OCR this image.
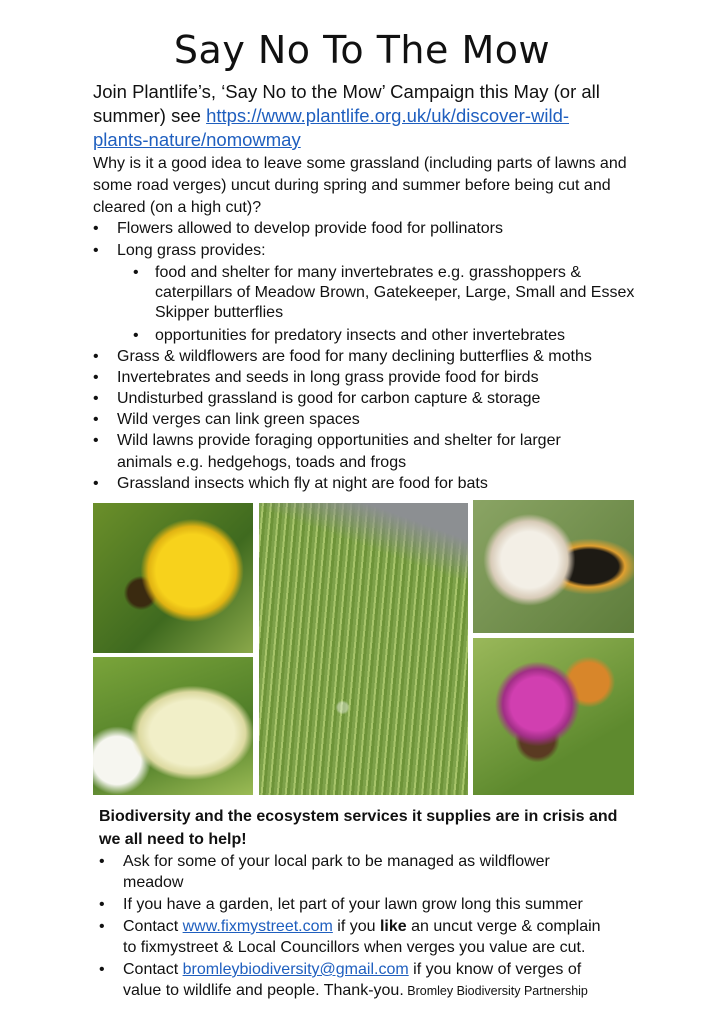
Say No To The Mow
Join Plantlife’s, ‘Say No to the Mow’ Campaign this May (or all
summer) see https://www.plantlife.org.uk/uk/discover-wild-
plants-nature/nomowmay
Why is it a good idea to leave some grassland (including parts of lawns and
some road verges) uncut during spring and summer before being cut and
cleared (on a high cut)?
• Flowers allowed to develop provide food for pollinators
• Long grass provides:
• food and shelter for many invertebrates e.g. grasshoppers &
caterpillars of Meadow Brown, Gatekeeper, Large, Small and Essex
Skipper butterflies
• opportunities for predatory insects and other invertebrates
• Grass & wildflowers are food for many declining butterflies & moths
• Invertebrates and seeds in long grass provide food for birds
• Undisturbed grassland is good for carbon capture & storage
• Wild verges can link green spaces
• Wild lawns provide foraging opportunities and shelter for larger
animals e.g. hedgehogs, toads and frogs
• Grassland insects which fly at night are food for bats
Biodiversity and the ecosystem services it supplies are in crisis and
we all need to help!
• Ask for some of your local park to be managed as wildflower
meadow
• If you have a garden, let part of your lawn grow long this summer
• Contact www.fixmystreet.com if you like an uncut verge & complain
to fixmystreet & Local Councillors when verges you value are cut.
• Contact bromleybiodiversity@gmail.com if you know of verges of
value to wildlife and people. Thank-you. Bromley Biodiversity Partnership
